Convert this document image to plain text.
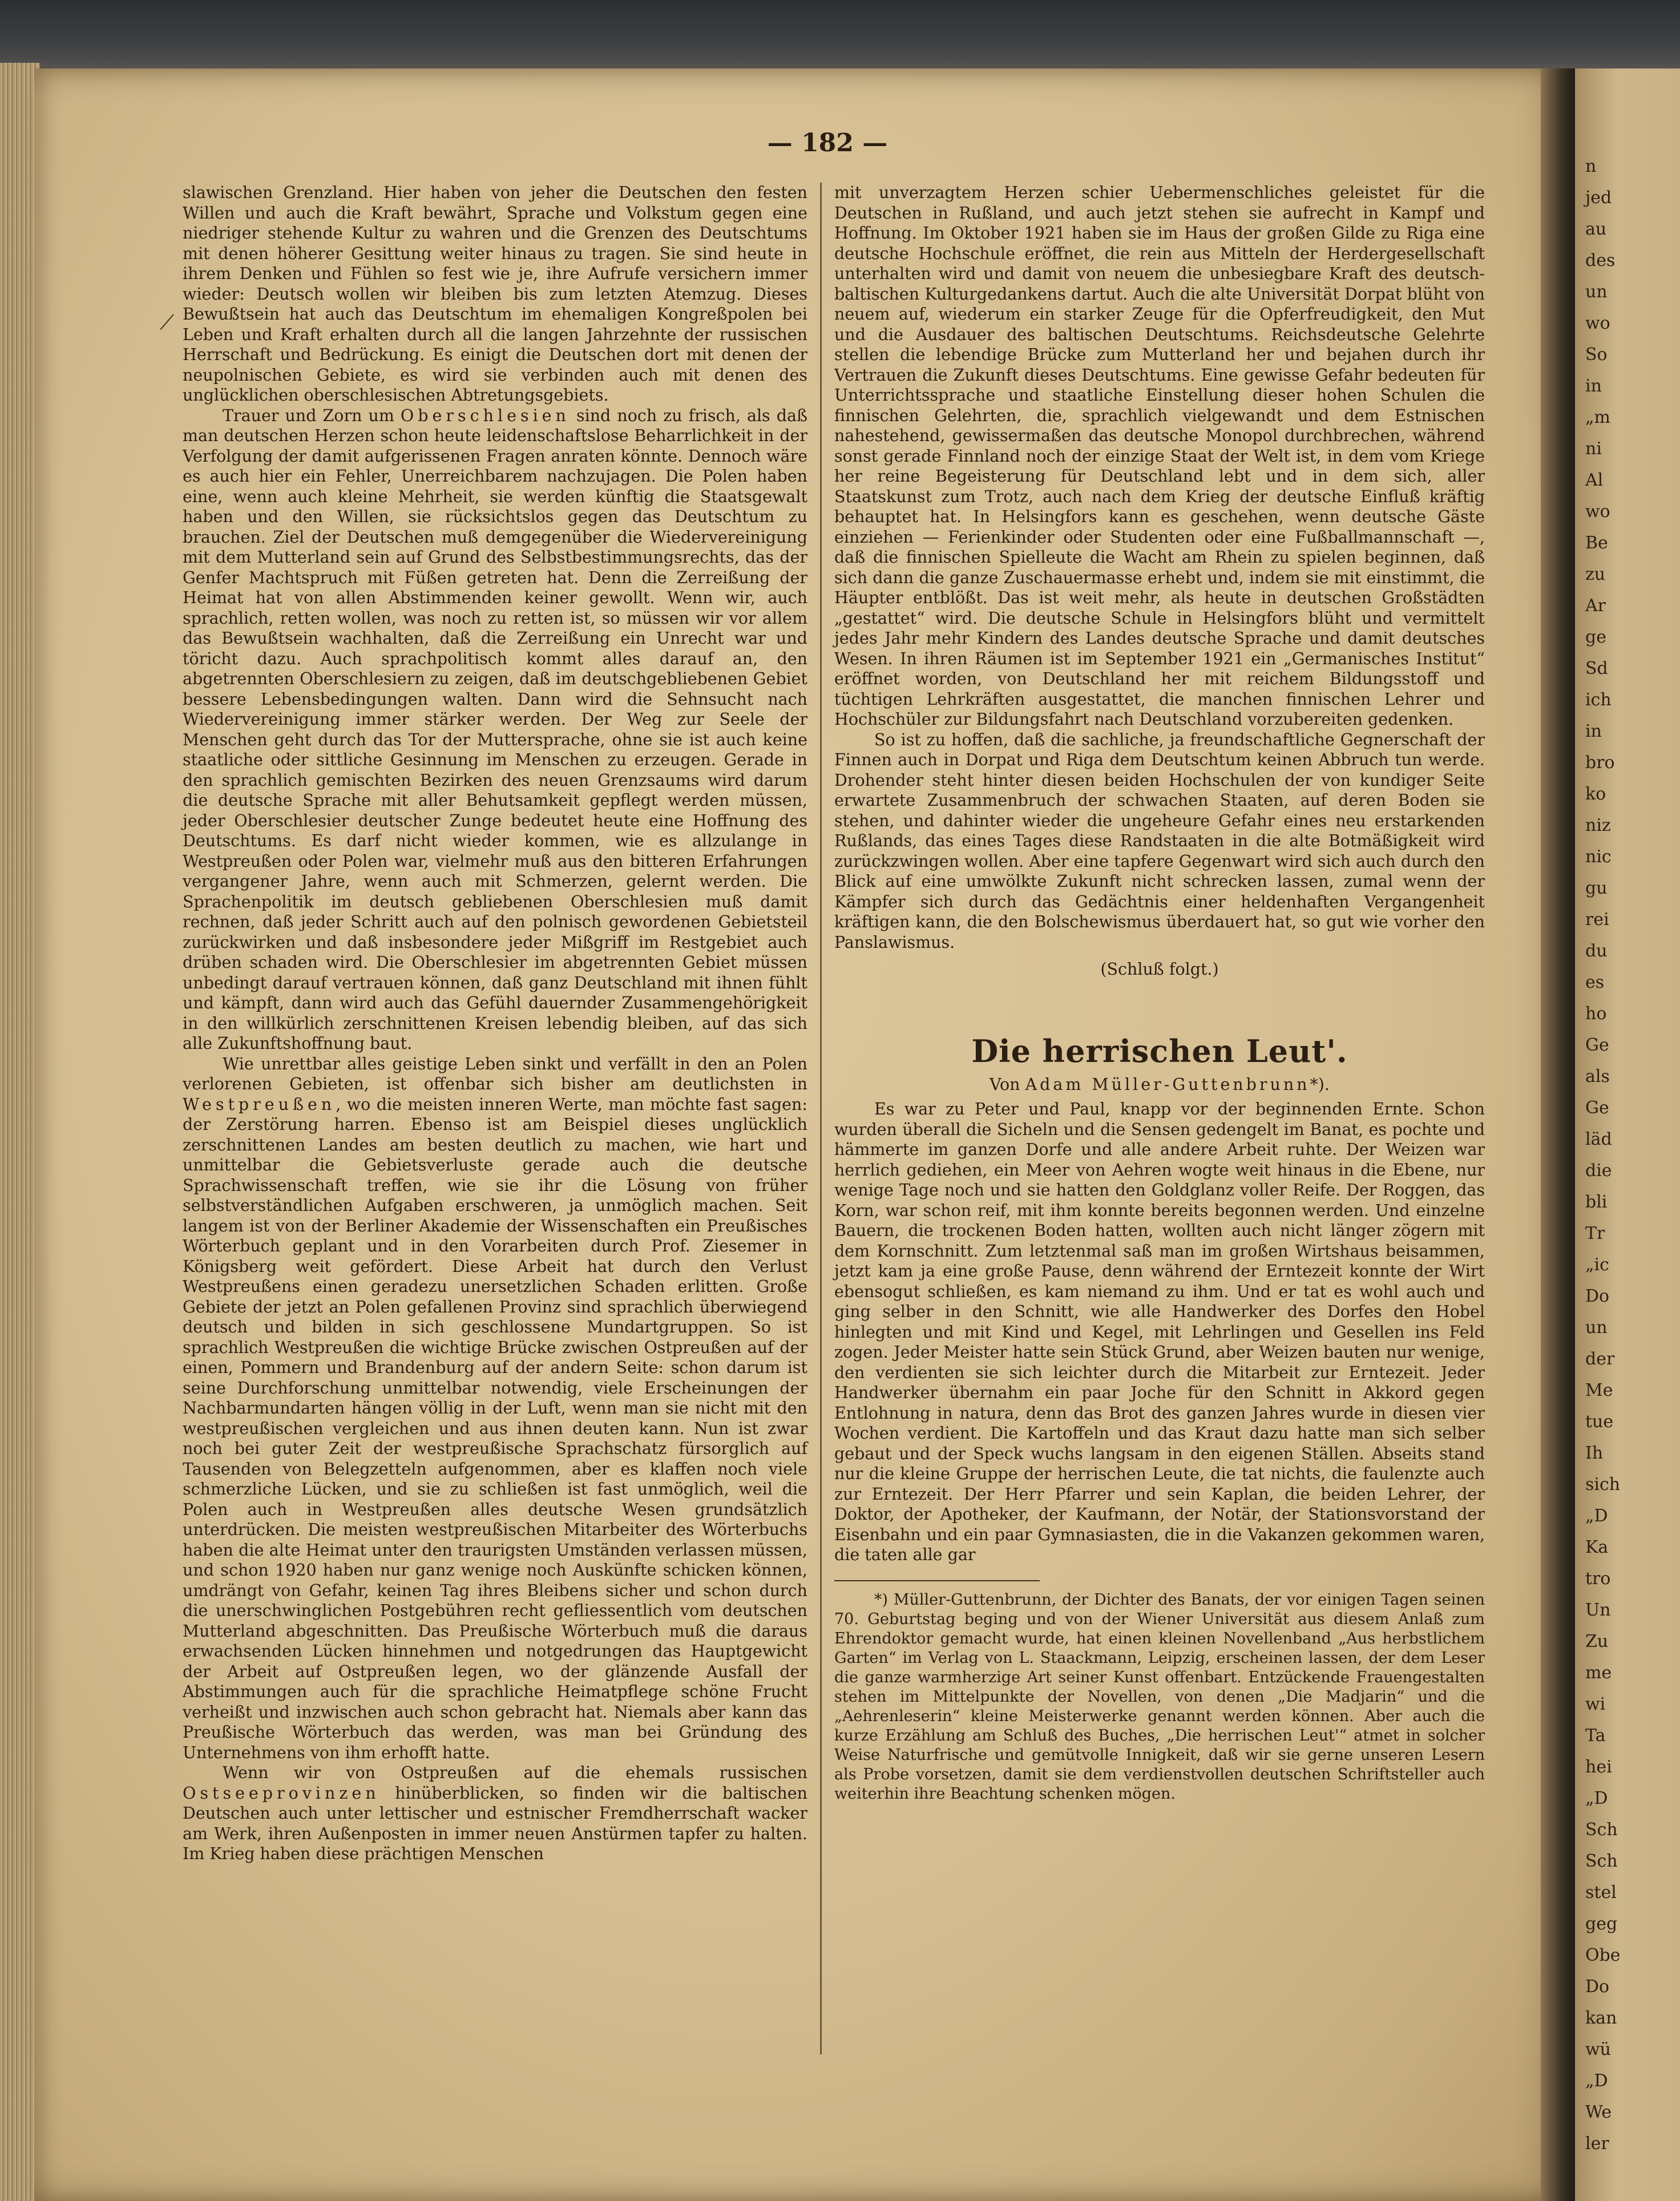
n
jed
au
des
un
wo
So
in
„m
ni
Al
wo
Be
zu
Ar
ge
Sd
ich
in
bro
ko
niz
nic
gu
rei
du
es
ho
Ge
als
Ge
läd
die
bli
Tr
„ic
Do
un
der
Me
tue
Ih
sich
„D
Ka
tro
Un
Zu
me
wi
Ta
hei
„D
Sch
Sch
stel
geg
Obe
Do
kan
wü
„D
We
ler
— 182 —
⟋

slawischen Grenzland. Hier haben von jeher die Deutschen den festen Willen und auch die Kraft bewährt, Sprache und Volkstum gegen eine niedriger stehende Kultur zu wahren und die Grenzen des Deutschtums mit denen höherer Gesittung weiter hinaus zu tragen. Sie sind heute in ihrem Denken und Fühlen so fest wie je, ihre Aufrufe versichern immer wieder: Deutsch wollen wir bleiben bis zum letzten Atemzug. Dieses Bewußtsein hat auch das Deutschtum im ehemaligen Kongreßpolen bei Leben und Kraft erhalten durch all die langen Jahrzehnte der russischen Herrschaft und Bedrückung. Es einigt die Deutschen dort mit denen der neupolnischen Gebiete, es wird sie verbinden auch mit denen des unglücklichen oberschlesischen Abtretungsgebiets.

Trauer und Zorn um Oberschlesien sind noch zu frisch, als daß man deutschen Herzen schon heute leidenschaftslose Beharrlichkeit in der Verfolgung der damit aufgerissenen Fragen anraten könnte. Dennoch wäre es auch hier ein Fehler, Unerreichbarem nachzujagen. Die Polen haben eine, wenn auch kleine Mehrheit, sie werden künftig die Staatsgewalt haben und den Willen, sie rücksichtslos gegen das Deutschtum zu brauchen. Ziel der Deutschen muß demgegenüber die Wiedervereinigung mit dem Mutterland sein auf Grund des Selbstbestimmungsrechts, das der Genfer Machtspruch mit Füßen getreten hat. Denn die Zerreißung der Heimat hat von allen Abstimmenden keiner gewollt. Wenn wir, auch sprachlich, retten wollen, was noch zu retten ist, so müssen wir vor allem das Bewußtsein wachhalten, daß die Zerreißung ein Unrecht war und töricht dazu. Auch sprachpolitisch kommt alles darauf an, den abgetrennten Oberschlesiern zu zeigen, daß im deutschgebliebenen Gebiet bessere Lebensbedingungen walten. Dann wird die Sehnsucht nach Wiedervereinigung immer stärker werden. Der Weg zur Seele der Menschen geht durch das Tor der Muttersprache, ohne sie ist auch keine staatliche oder sittliche Gesinnung im Menschen zu erzeugen. Gerade in den sprachlich gemischten Bezirken des neuen Grenzsaums wird darum die deutsche Sprache mit aller Behutsamkeit gepflegt werden müssen, jeder Oberschlesier deutscher Zunge bedeutet heute eine Hoffnung des Deutschtums. Es darf nicht wieder kommen, wie es allzulange in Westpreußen oder Polen war, vielmehr muß aus den bitteren Erfahrungen vergangener Jahre, wenn auch mit Schmerzen, gelernt werden. Die Sprachenpolitik im deutsch gebliebenen Oberschlesien muß damit rechnen, daß jeder Schritt auch auf den polnisch gewordenen Gebietsteil zurückwirken und daß insbesondere jeder Mißgriff im Restgebiet auch drüben schaden wird. Die Oberschlesier im abgetrennten Gebiet müssen unbedingt darauf vertrauen können, daß ganz Deutschland mit ihnen fühlt und kämpft, dann wird auch das Gefühl dauernder Zusammengehörigkeit in den willkürlich zerschnittenen Kreisen lebendig bleiben, auf das sich alle Zukunftshoffnung baut.

Wie unrettbar alles geistige Leben sinkt und verfällt in den an Polen verlorenen Gebieten, ist offenbar sich bisher am deutlichsten in Westpreußen, wo die meisten inneren Werte, man möchte fast sagen: der Zerstörung harren. Ebenso ist am Beispiel dieses unglücklich zerschnittenen Landes am besten deutlich zu machen, wie hart und unmittelbar die Gebietsverluste gerade auch die deutsche Sprachwissenschaft treffen, wie sie ihr die Lösung von früher selbstverständlichen Aufgaben erschweren, ja unmöglich machen. Seit langem ist von der Berliner Akademie der Wissenschaften ein Preußisches Wörterbuch geplant und in den Vorarbeiten durch Prof. Ziesemer in Königsberg weit gefördert. Diese Arbeit hat durch den Verlust Westpreußens einen geradezu unersetzlichen Schaden erlitten. Große Gebiete der jetzt an Polen gefallenen Provinz sind sprachlich überwiegend deutsch und bilden in sich geschlossene Mundartgruppen. So ist sprachlich Westpreußen die wichtige Brücke zwischen Ostpreußen auf der einen, Pommern und Brandenburg auf der andern Seite: schon darum ist seine Durchforschung unmittelbar notwendig, viele Erscheinungen der Nachbarmundarten hängen völlig in der Luft, wenn man sie nicht mit den westpreußischen vergleichen und aus ihnen deuten kann. Nun ist zwar noch bei guter Zeit der westpreußische Sprachschatz fürsorglich auf Tausenden von Belegzetteln aufgenommen, aber es klaffen noch viele schmerzliche Lücken, und sie zu schließen ist fast unmöglich, weil die Polen auch in Westpreußen alles deutsche Wesen grundsätzlich unterdrücken. Die meisten westpreußischen Mitarbeiter des Wörterbuchs haben die alte Heimat unter den traurigsten Umständen verlassen müssen, und schon 1920 haben nur ganz wenige noch Auskünfte schicken können, umdrängt von Gefahr, keinen Tag ihres Bleibens sicher und schon durch die unerschwinglichen Postgebühren recht gefliessentlich vom deutschen Mutterland abgeschnitten. Das Preußische Wörterbuch muß die daraus erwachsenden Lücken hinnehmen und notgedrungen das Hauptgewicht der Arbeit auf Ostpreußen legen, wo der glänzende Ausfall der Abstimmungen auch für die sprachliche Heimatpflege schöne Frucht verheißt und inzwischen auch schon gebracht hat. Niemals aber kann das Preußische Wörterbuch das werden, was man bei Gründung des Unternehmens von ihm erhofft hatte.

Wenn wir von Ostpreußen auf die ehemals russischen Ostseeprovinzen hinüberblicken, so finden wir die baltischen Deutschen auch unter lettischer und estnischer Fremdherrschaft wacker am Werk, ihren Außenposten in immer neuen Anstürmen tapfer zu halten. Im Krieg haben diese prächtigen Menschen

mit unverzagtem Herzen schier Uebermenschliches geleistet für die Deutschen in Rußland, und auch jetzt stehen sie aufrecht in Kampf und Hoffnung. Im Oktober 1921 haben sie im Haus der großen Gilde zu Riga eine deutsche Hochschule eröffnet, die rein aus Mitteln der Herdergesellschaft unterhalten wird und damit von neuem die unbesiegbare Kraft des deutsch-baltischen Kulturgedankens dartut. Auch die alte Universität Dorpat blüht von neuem auf, wiederum ein starker Zeuge für die Opferfreudigkeit, den Mut und die Ausdauer des baltischen Deutschtums. Reichsdeutsche Gelehrte stellen die lebendige Brücke zum Mutterland her und bejahen durch ihr Vertrauen die Zukunft dieses Deutschtums. Eine gewisse Gefahr bedeuten für Unterrichtssprache und staatliche Einstellung dieser hohen Schulen die finnischen Gelehrten, die, sprachlich vielgewandt und dem Estnischen nahestehend, gewissermaßen das deutsche Monopol durchbrechen, während sonst gerade Finnland noch der einzige Staat der Welt ist, in dem vom Kriege her reine Begeisterung für Deutschland lebt und in dem sich, aller Staatskunst zum Trotz, auch nach dem Krieg der deutsche Einfluß kräftig behauptet hat. In Helsingfors kann es geschehen, wenn deutsche Gäste einziehen — Ferienkinder oder Studenten oder eine Fußballmannschaft —, daß die finnischen Spielleute die Wacht am Rhein zu spielen beginnen, daß sich dann die ganze Zuschauermasse erhebt und, indem sie mit einstimmt, die Häupter entblößt. Das ist weit mehr, als heute in deutschen Großstädten „gestattet“ wird. Die deutsche Schule in Helsingfors blüht und vermittelt jedes Jahr mehr Kindern des Landes deutsche Sprache und damit deutsches Wesen. In ihren Räumen ist im September 1921 ein „Germanisches Institut“ eröffnet worden, von Deutschland her mit reichem Bildungsstoff und tüchtigen Lehrkräften ausgestattet, die manchen finnischen Lehrer und Hochschüler zur Bildungsfahrt nach Deutschland vorzubereiten gedenken.

So ist zu hoffen, daß die sachliche, ja freundschaftliche Gegnerschaft der Finnen auch in Dorpat und Riga dem Deutschtum keinen Abbruch tun werde. Drohender steht hinter diesen beiden Hochschulen der von kundiger Seite erwartete Zusammenbruch der schwachen Staaten, auf deren Boden sie stehen, und dahinter wieder die ungeheure Gefahr eines neu erstarkenden Rußlands, das eines Tages diese Randstaaten in die alte Botmäßigkeit wird zurückzwingen wollen. Aber eine tapfere Gegenwart wird sich auch durch den Blick auf eine umwölkte Zukunft nicht schrecken lassen, zumal wenn der Kämpfer sich durch das Gedächtnis einer heldenhaften Vergangenheit kräftigen kann, die den Bolschewismus überdauert hat, so gut wie vorher den Panslawismus.

(Schluß folgt.)
Die herrischen Leut'.
Von Adam Müller-Guttenbrunn*).

Es war zu Peter und Paul, knapp vor der beginnenden Ernte. Schon wurden überall die Sicheln und die Sensen gedengelt im Banat, es pochte und hämmerte im ganzen Dorfe und alle andere Arbeit ruhte. Der Weizen war herrlich gediehen, ein Meer von Aehren wogte weit hinaus in die Ebene, nur wenige Tage noch und sie hatten den Goldglanz voller Reife. Der Roggen, das Korn, war schon reif, mit ihm konnte bereits begonnen werden. Und einzelne Bauern, die trockenen Boden hatten, wollten auch nicht länger zögern mit dem Kornschnitt. Zum letztenmal saß man im großen Wirtshaus beisammen, jetzt kam ja eine große Pause, denn während der Erntezeit konnte der Wirt ebensogut schließen, es kam niemand zu ihm. Und er tat es wohl auch und ging selber in den Schnitt, wie alle Handwerker des Dorfes den Hobel hinlegten und mit Kind und Kegel, mit Lehrlingen und Gesellen ins Feld zogen. Jeder Meister hatte sein Stück Grund, aber Weizen bauten nur wenige, den verdienten sie sich leichter durch die Mitarbeit zur Erntezeit. Jeder Handwerker übernahm ein paar Joche für den Schnitt in Akkord gegen Entlohnung in natura, denn das Brot des ganzen Jahres wurde in diesen vier Wochen verdient. Die Kartoffeln und das Kraut dazu hatte man sich selber gebaut und der Speck wuchs langsam in den eigenen Ställen. Abseits stand nur die kleine Gruppe der herrischen Leute, die tat nichts, die faulenzte auch zur Erntezeit. Der Herr Pfarrer und sein Kaplan, die beiden Lehrer, der Doktor, der Apotheker, der Kaufmann, der Notär, der Stationsvorstand der Eisenbahn und ein paar Gymnasiasten, die in die Vakanzen gekommen waren, die taten alle gar

*) Müller-Guttenbrunn, der Dichter des Banats, der vor einigen Tagen seinen 70. Geburtstag beging und von der Wiener Universität aus diesem Anlaß zum Ehrendoktor gemacht wurde, hat einen kleinen Novellenband „Aus herbstlichem Garten“ im Verlag von L. Staackmann, Leipzig, erscheinen lassen, der dem Leser die ganze warmherzige Art seiner Kunst offenbart. Entzückende Frauengestalten stehen im Mittelpunkte der Novellen, von denen „Die Madjarin“ und die „Aehrenleserin“ kleine Meisterwerke genannt werden können. Aber auch die kurze Erzählung am Schluß des Buches, „Die herrischen Leut'“ atmet in solcher Weise Naturfrische und gemütvolle Innigkeit, daß wir sie gerne unseren Lesern als Probe vorsetzen, damit sie dem verdienstvollen deutschen Schriftsteller auch weiterhin ihre Beachtung schenken mögen.
